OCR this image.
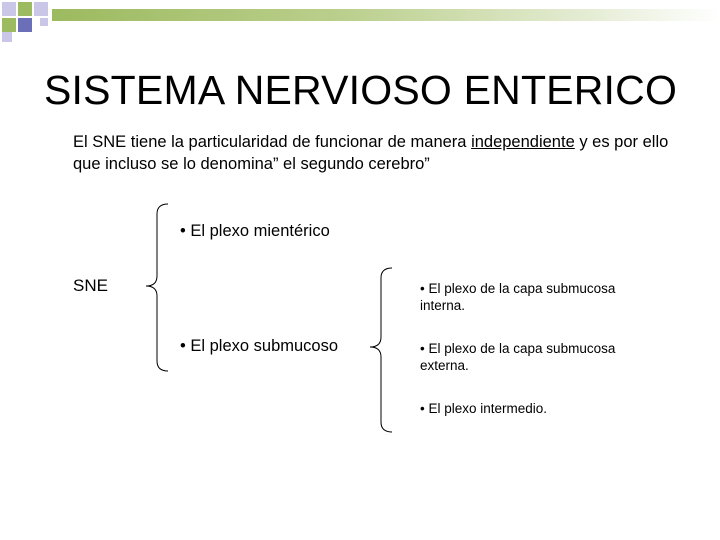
SISTEMA NERVIOSO ENTERICO
El SNE tiene la particularidad de funcionar de manera independiente y es por ello que incluso se lo denomina” el segundo cerebro”
SNE
• El plexo mientérico
• El plexo submucoso
• El plexo de la capa submucosa interna.
• El plexo de la capa submucosa externa.
• El plexo intermedio.
